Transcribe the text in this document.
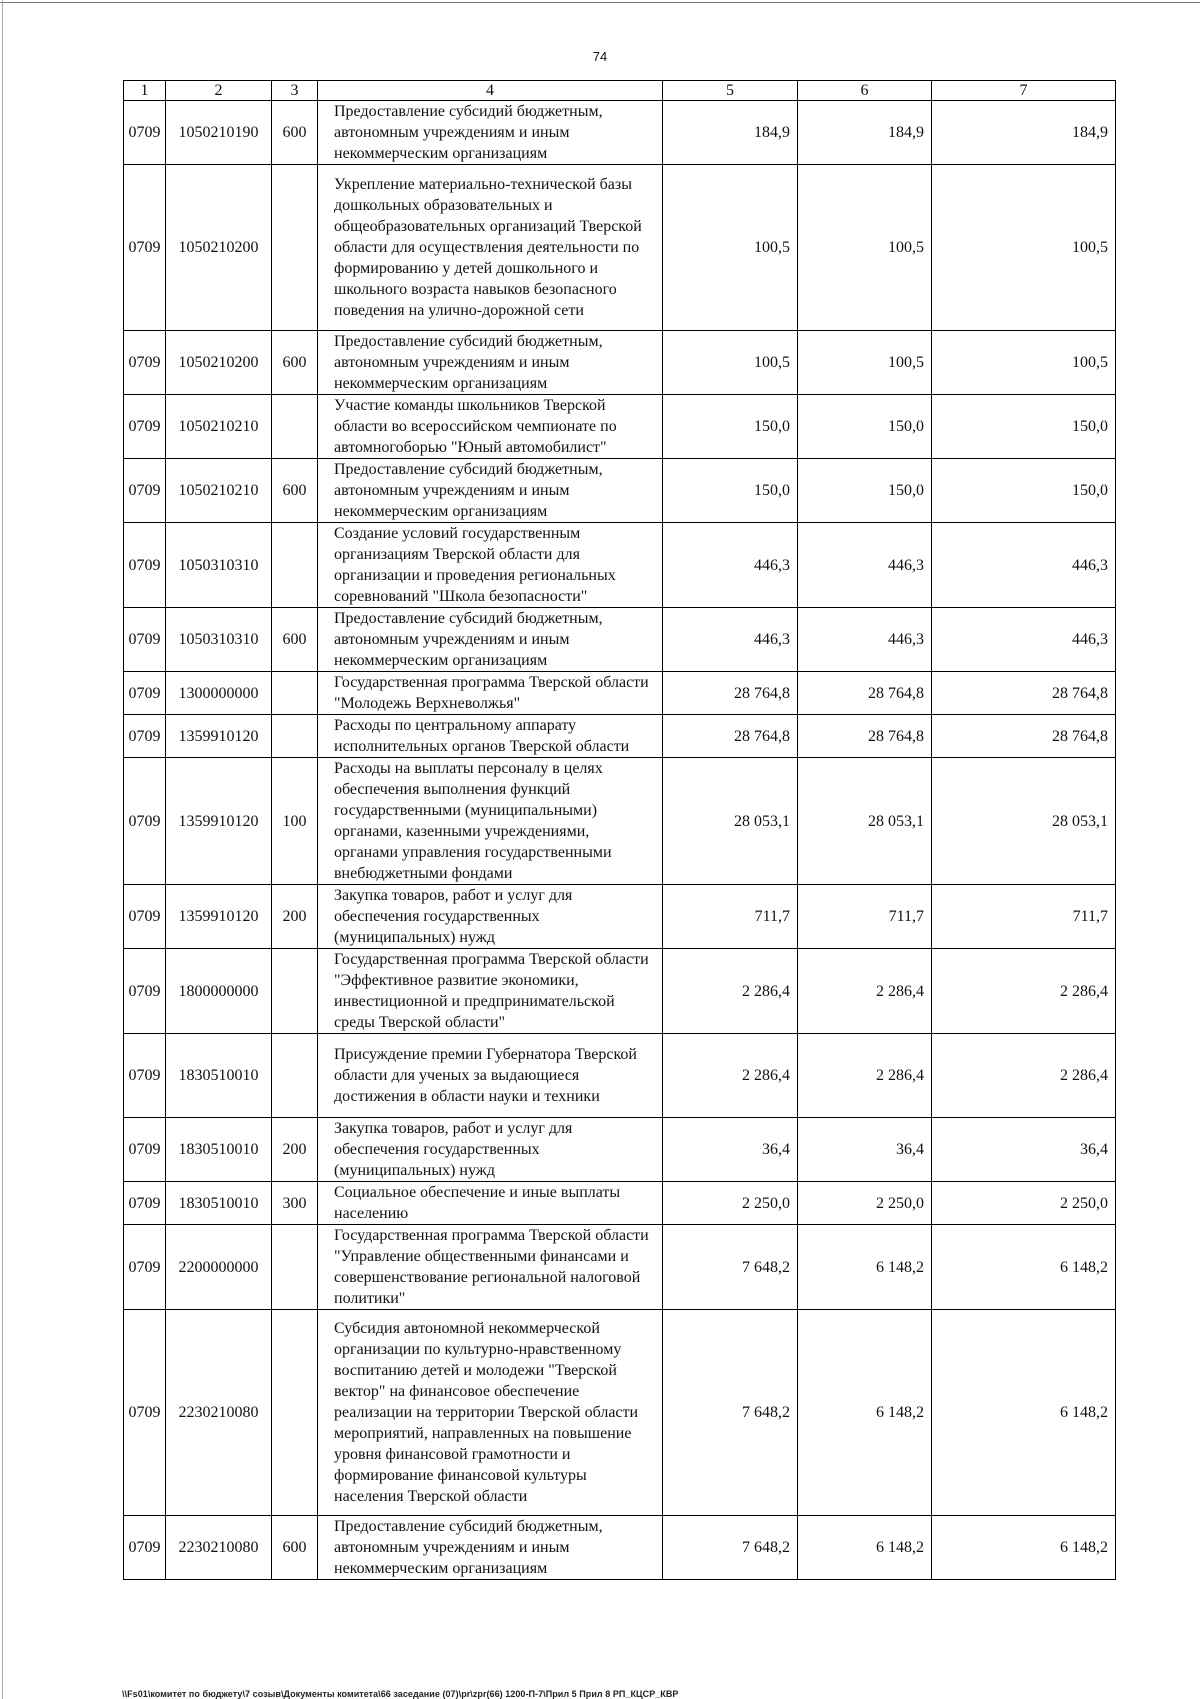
74
1	2	3	4	5	6	7
0709	1050210190	600	Предоставление субсидий бюджетным, автономным учреждениям и иным некоммерческим организациям	184,9	184,9	184,9
0709	1050210200		Укрепление материально-технической базы дошкольных образовательных и общеобразовательных организаций Тверской области для осуществления деятельности по формированию у детей дошкольного и школьного возраста навыков безопасного поведения на улично-дорожной сети	100,5	100,5	100,5
0709	1050210200	600	Предоставление субсидий бюджетным, автономным учреждениям и иным некоммерческим организациям	100,5	100,5	100,5
0709	1050210210		Участие команды школьников Тверской области во всероссийском чемпионате по автомногоборью "Юный автомобилист"	150,0	150,0	150,0
0709	1050210210	600	Предоставление субсидий бюджетным, автономным учреждениям и иным некоммерческим организациям	150,0	150,0	150,0
0709	1050310310		Создание условий государственным организациям Тверской области для организации и проведения региональных соревнований "Школа безопасности"	446,3	446,3	446,3
0709	1050310310	600	Предоставление субсидий бюджетным, автономным учреждениям и иным некоммерческим организациям	446,3	446,3	446,3
0709	1300000000		Государственная программа Тверской области "Молодежь Верхневолжья"	28 764,8	28 764,8	28 764,8
0709	1359910120		Расходы по центральному аппарату исполнительных органов Тверской области	28 764,8	28 764,8	28 764,8
0709	1359910120	100	Расходы на выплаты персоналу в целях обеспечения выполнения функций государственными (муниципальными) органами, казенными учреждениями, органами управления государственными внебюджетными фондами	28 053,1	28 053,1	28 053,1
0709	1359910120	200	Закупка товаров, работ и услуг для обеспечения государственных (муниципальных) нужд	711,7	711,7	711,7
0709	1800000000		Государственная программа Тверской области "Эффективное развитие экономики, инвестиционной и предпринимательской среды Тверской области"	2 286,4	2 286,4	2 286,4
0709	1830510010		Присуждение премии Губернатора Тверской области для ученых за выдающиеся достижения в области науки и техники	2 286,4	2 286,4	2 286,4
0709	1830510010	200	Закупка товаров, работ и услуг для обеспечения государственных (муниципальных) нужд	36,4	36,4	36,4
0709	1830510010	300	Социальное обеспечение и иные выплаты населению	2 250,0	2 250,0	2 250,0
0709	2200000000		Государственная программа Тверской области "Управление общественными финансами и совершенствование региональной налоговой политики"	7 648,2	6 148,2	6 148,2
0709	2230210080		Субсидия автономной некоммерческой организации по культурно-нравственному воспитанию детей и молодежи "Тверской вектор" на финансовое обеспечение реализации на территории Тверской области мероприятий, направленных на повышение уровня финансовой грамотности и формирование финансовой культуры населения Тверской области	7 648,2	6 148,2	6 148,2
0709	2230210080	600	Предоставление субсидий бюджетным, автономным учреждениям и иным некоммерческим организациям	7 648,2	6 148,2	6 148,2
\\Fs01\комитет по бюджету\7 созыв\Документы комитета\66 заседание (07)\pr\zpr(66) 1200-П-7\Прил 5 Прил 8 РП_КЦСР_КВР
